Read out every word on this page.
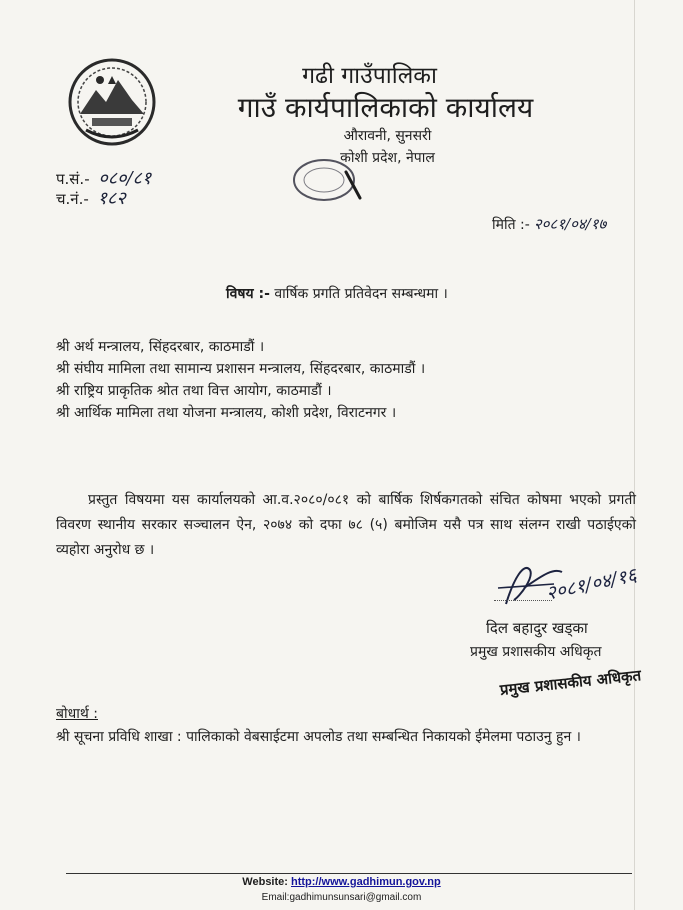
गढी गाउँपालिका
गाउँ कार्यपालिकाको कार्यालय
औरावनी, सुनसरी
कोशी प्रदेश, नेपाल
प.सं.- ०८०/८१
च.नं.- १८२
मिति :- २०८१/०४/१७
विषय :- वार्षिक प्रगति प्रतिवेदन सम्बन्धमा ।
श्री अर्थ मन्त्रालय, सिंहदरबार, काठमाडौं ।
श्री संघीय मामिला तथा सामान्य प्रशासन मन्त्रालय, सिंहदरबार, काठमाडौं ।
श्री राष्ट्रिय प्राकृतिक श्रोत तथा वित्त आयोग, काठमाडौं ।
श्री आर्थिक मामिला तथा योजना मन्त्रालय, कोशी प्रदेश, विराटनगर ।
प्रस्तुत विषयमा यस कार्यालयको आ.व.२०८०/०८१ को बार्षिक शिर्षकगतको संचित कोषमा भएको प्रगती विवरण स्थानीय सरकार सञ्चालन ऐन, २०७४ को दफा ७८ (५) बमोजिम यसै पत्र साथ संलग्न राखी पठाईएको व्यहोरा अनुरोध छ ।
२०८१/०४/१६
दिल बहादुर खड्का
प्रमुख प्रशासकीय अधिकृत
प्रमुख प्रशासकीय अधिकृत
बोधार्थ :
श्री सूचना प्रविधि शाखा : पालिकाको वेबसाईटमा अपलोड तथा सम्बन्धित निकायको ईमेलमा पठाउनु हुन ।
Website: http://www.gadhimun.gov.np
Email:gadhimunsunsari@gmail.com
